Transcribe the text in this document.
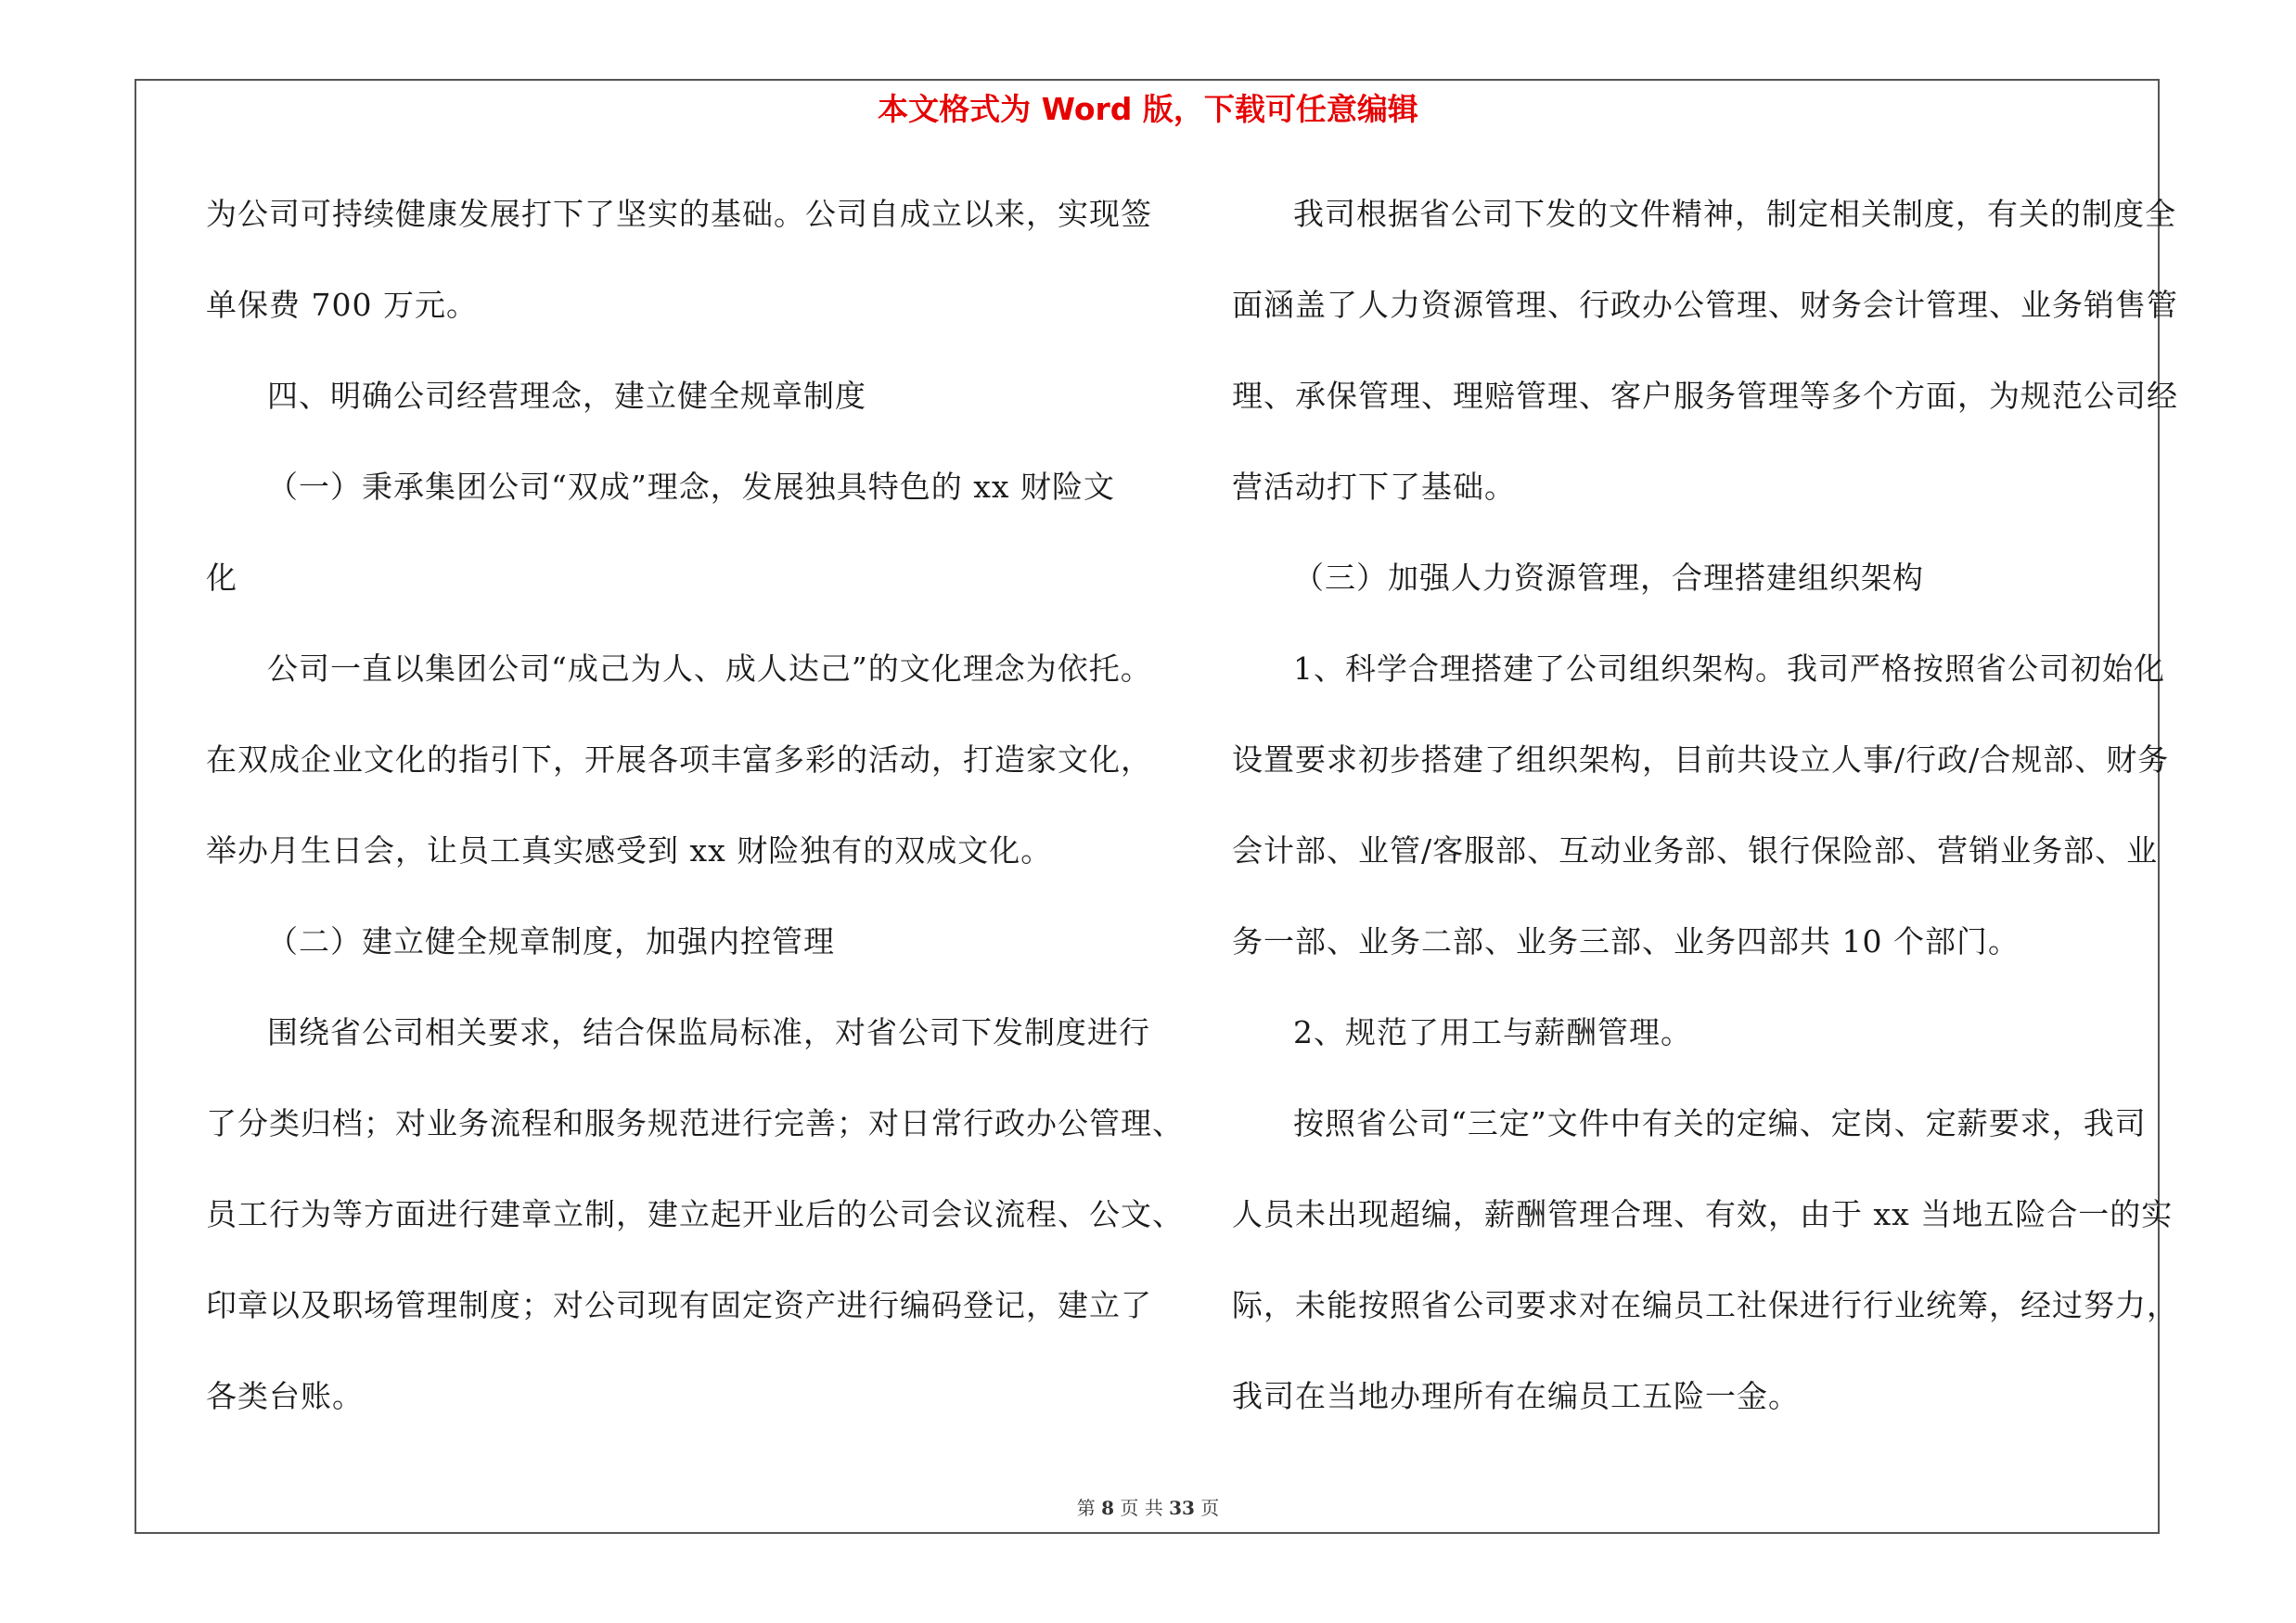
本文格式为 Word 版，下载可任意编辑
为公司可持续健康发展打下了坚实的基础。公司自成立以来，实现签
单保费 700 万元。
四、明确公司经营理念，建立健全规章制度
（一）秉承集团公司“双成”理念，发展独具特色的 xx 财险文
化
公司一直以集团公司“成己为人、成人达己”的文化理念为依托。
在双成企业文化的指引下，开展各项丰富多彩的活动，打造家文化，
举办月生日会，让员工真实感受到 xx 财险独有的双成文化。
（二）建立健全规章制度，加强内控管理
围绕省公司相关要求，结合保监局标准，对省公司下发制度进行
了分类归档；对业务流程和服务规范进行完善；对日常行政办公管理、
员工行为等方面进行建章立制，建立起开业后的公司会议流程、公文、
印章以及职场管理制度；对公司现有固定资产进行编码登记，建立了
各类台账。
我司根据省公司下发的文件精神，制定相关制度，有关的制度全
面涵盖了人力资源管理、行政办公管理、财务会计管理、业务销售管
理、承保管理、理赔管理、客户服务管理等多个方面，为规范公司经
营活动打下了基础。
（三）加强人力资源管理，合理搭建组织架构
1、科学合理搭建了公司组织架构。我司严格按照省公司初始化
设置要求初步搭建了组织架构，目前共设立人事/行政/合规部、财务
会计部、业管/客服部、互动业务部、银行保险部、营销业务部、业
务一部、业务二部、业务三部、业务四部共 10 个部门。
2、规范了用工与薪酬管理。
按照省公司“三定”文件中有关的定编、定岗、定薪要求，我司
人员未出现超编，薪酬管理合理、有效，由于 xx 当地五险合一的实
际，未能按照省公司要求对在编员工社保进行行业统筹，经过努力，
我司在当地办理所有在编员工五险一金。
第 8 页 共 33 页
